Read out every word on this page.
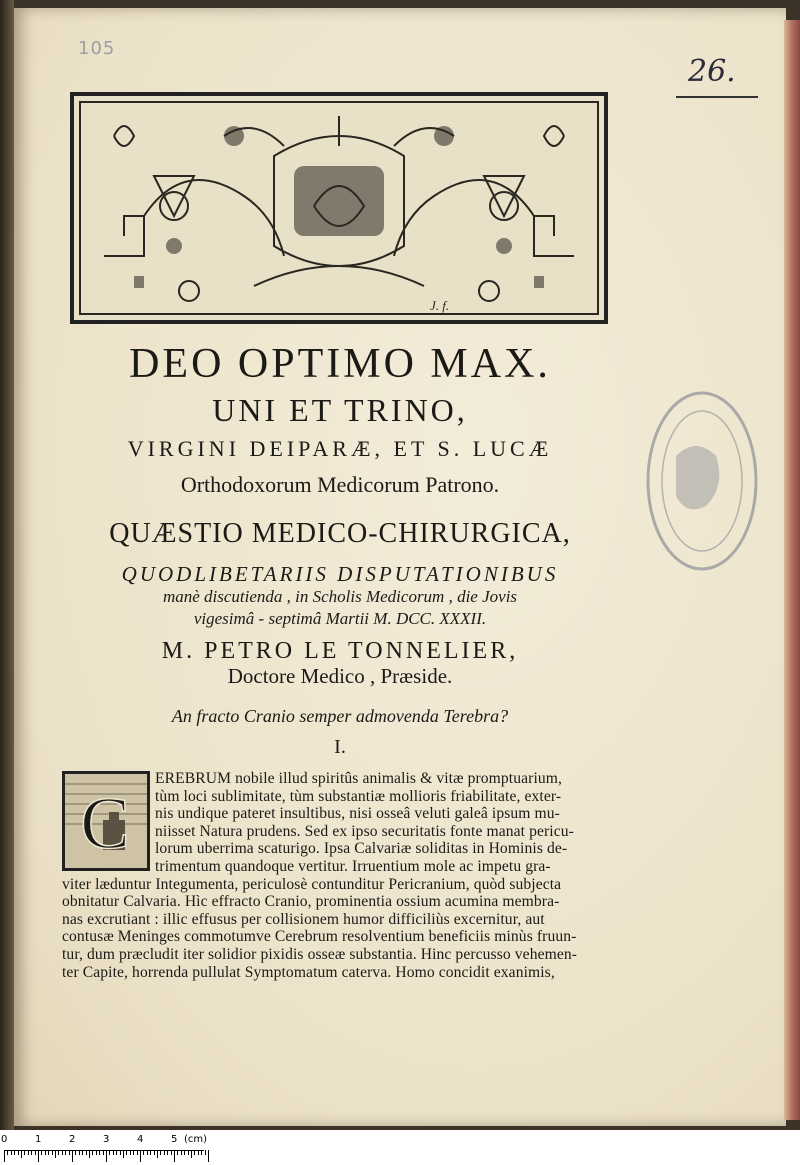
105
26.
J. f.
DEO OPTIMO MAX.
UNI ET TRINO,
VIRGINI DEIPARÆ, ET S. LUCÆ
Orthodoxorum Medicorum Patrono.
QUÆSTIO MEDICO-CHIRURGICA,
QUODLIBETARIIS DISPUTATIONIBUS
manè discutienda , in Scholis Medicorum , die Jovis
vigesimâ - septimâ Martii M. DCC. XXXII.
M. PETRO LE TONNELIER,
Doctore Medico , Præside.
An fracto Cranio semper admovenda Terebra?
I.
C
EREBRUM nobile illud spiritûs animalis & vitæ promptuarium,
tùm loci sublimitate, tùm substantiæ mollioris friabilitate, exter-
nis undique pateret insultibus, nisi osseâ veluti galeâ ipsum mu-
niisset Natura prudens. Sed ex ipso securitatis fonte manat pericu-
lorum uberrima scaturigo. Ipsa Calvariæ soliditas in Hominis de-
trimentum quandoque vertitur. Irruentium mole ac impetu gra-
viter læduntur Integumenta, periculosè contunditur Pericranium, quòd subjecta
obnitatur Calvaria. Hìc effracto Cranio, prominentia ossium acumina membra-
nas excrutiant : illic effusus per collisionem humor difficiliùs excernitur, aut
contusæ Meninges commotumve Cerebrum resolventium beneficiis minùs fruun-
tur, dum præcludit iter solidior pixidis osseæ substantia. Hinc percusso vehemen-
ter Capite, horrenda pullulat Symptomatum caterva. Homo concidit exanimis,
0	1	2	3	4	5 (cm)
